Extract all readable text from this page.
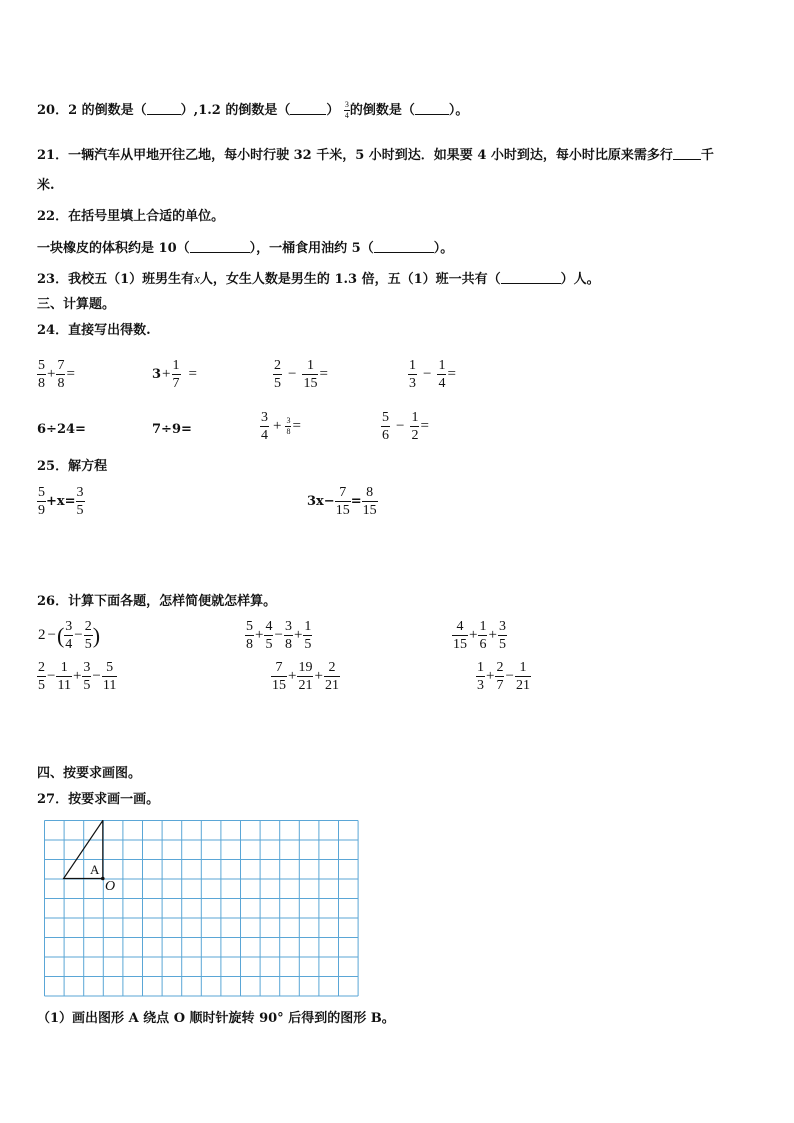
20．2 的倒数是（	）,1.2 的倒数是（	） $\frac{3}{4}$ 的倒数是（	）。
21．一辆汽车从甲地开往乙地，每小时行驶 32 千米，5 小时到达．如果要 4 小时到达，每小时比原来需多行 千
米.
22．在括号里填上合适的单位。
一块橡皮的体积约是 10（	），一桶食用油约 5（	）。
23．我校五（1）班男生有x人，女生人数是男生的 1.3 倍，五（1）班一共有（	）人。
三、计算题。
24．直接写出得数.
$\frac{5}{8} + \frac{7}{8}$ =	$3 + \frac{1}{7}$ =	$\frac{2}{5} - \frac{1}{15}$ =	$\frac{1}{3} - \frac{1}{4}$ =
6÷24=	7÷9=	$\frac{3}{4} + \frac{3}{8}$ =	$\frac{5}{6} - \frac{1}{2}$ =
25．解方程
$\frac{5}{9} +x= \frac{3}{5}$	$3x- \frac{7}{15} = \frac{8}{15}$
26．计算下面各题，怎样简便就怎样算。
2 − ( $\frac{3}{4} - \frac{2}{5}$ )	$\frac{5}{8} + \frac{4}{5} - \frac{3}{8} + \frac{1}{5}$	$\frac{4}{15} + \frac{1}{6} + \frac{3}{5}$
$\frac{2}{5} - \frac{1}{11} + \frac{3}{5} - \frac{5}{11}$	$\frac{7}{15} + \frac{19}{21} + \frac{2}{21}$	$\frac{1}{3} + \frac{2}{7} - \frac{1}{21}$
四、按要求画图。
27．按要求画一画。
A
O
（1）画出图形 A 绕点 O 顺时针旋转 90° 后得到的图形 B。
